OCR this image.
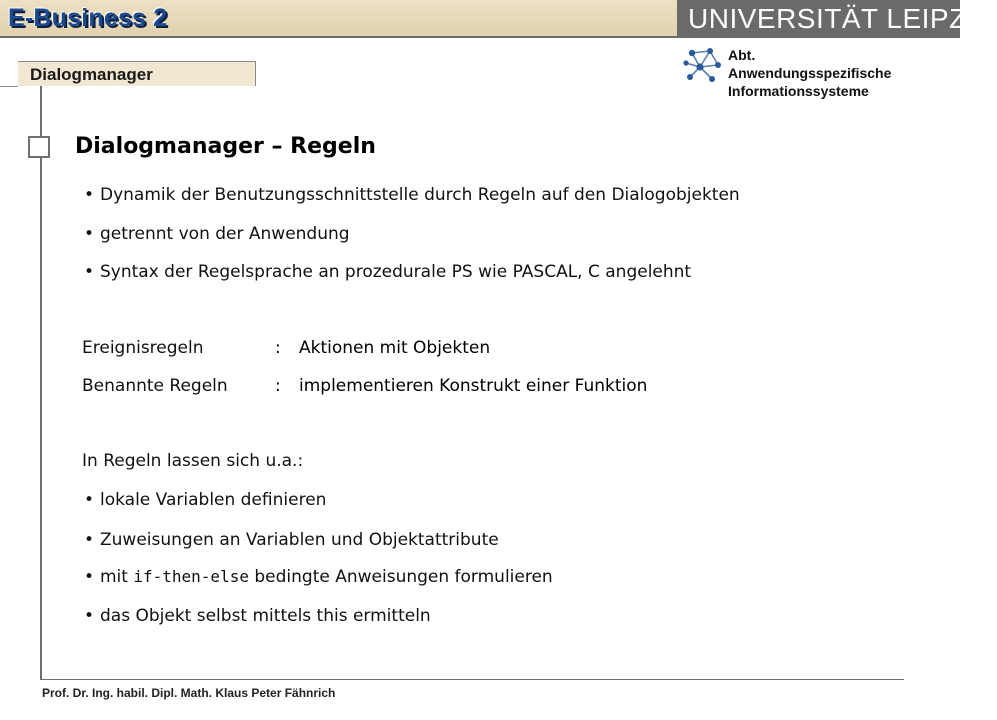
E-Business 2	UNIVERSITÄT LEIPZIG
Dialogmanager
Abt.
Anwendungsspezifische
Informationssysteme
Dialogmanager – Regeln
• Dynamik der Benutzungsschnittstelle durch Regeln auf den Dialogobjekten
• getrennt von der Anwendung
• Syntax der Regelsprache an prozedurale PS wie PASCAL, C angelehnt
Ereignisregeln	: Aktionen mit Objekten
Benannte Regeln	: implementieren Konstrukt einer Funktion
In Regeln lassen sich u.a.:
• lokale Variablen definieren
• Zuweisungen an Variablen und Objektattribute
• mit if-then-else bedingte Anweisungen formulieren
• das Objekt selbst mittels this ermitteln
Prof. Dr. Ing. habil. Dipl. Math. Klaus Peter Fähnrich
